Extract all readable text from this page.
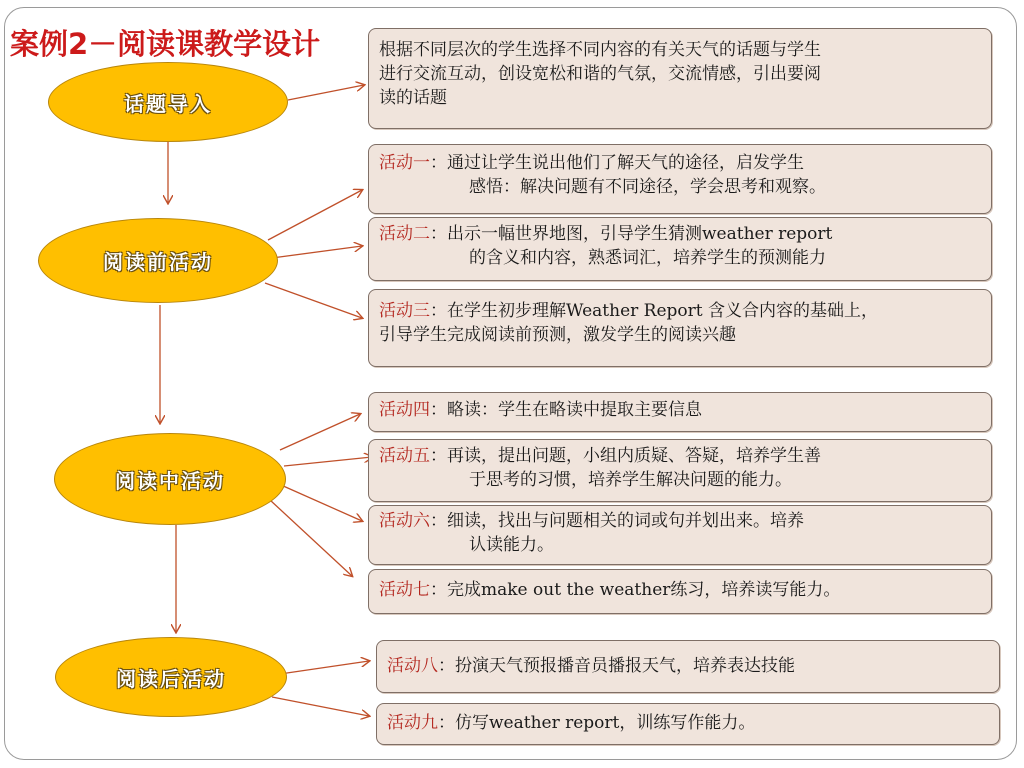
案例2－阅读课教学设计
话题导入
阅读前活动
阅读中活动
阅读后活动
根据不同层次的学生选择不同内容的有关天气的话题与学生
进行交流互动，创设宽松和谐的气氛，交流情感，引出要阅
读的话题
活动一：通过让学生说出他们了解天气的途径，启发学生
感悟：解决问题有不同途径，学会思考和观察。
活动二：出示一幅世界地图，引导学生猜测weather report
的含义和内容，熟悉词汇，培养学生的预测能力
活动三：在学生初步理解Weather Report 含义合内容的基础上，
引导学生完成阅读前预测，激发学生的阅读兴趣
活动四：略读：学生在略读中提取主要信息
活动五：再读，提出问题，小组内质疑、答疑，培养学生善
于思考的习惯，培养学生解决问题的能力。
活动六：细读，找出与问题相关的词或句并划出来。培养
认读能力。
活动七：完成make out the weather练习，培养读写能力。
活动八：扮演天气预报播音员播报天气，培养表达技能
活动九：仿写weather report，训练写作能力。
